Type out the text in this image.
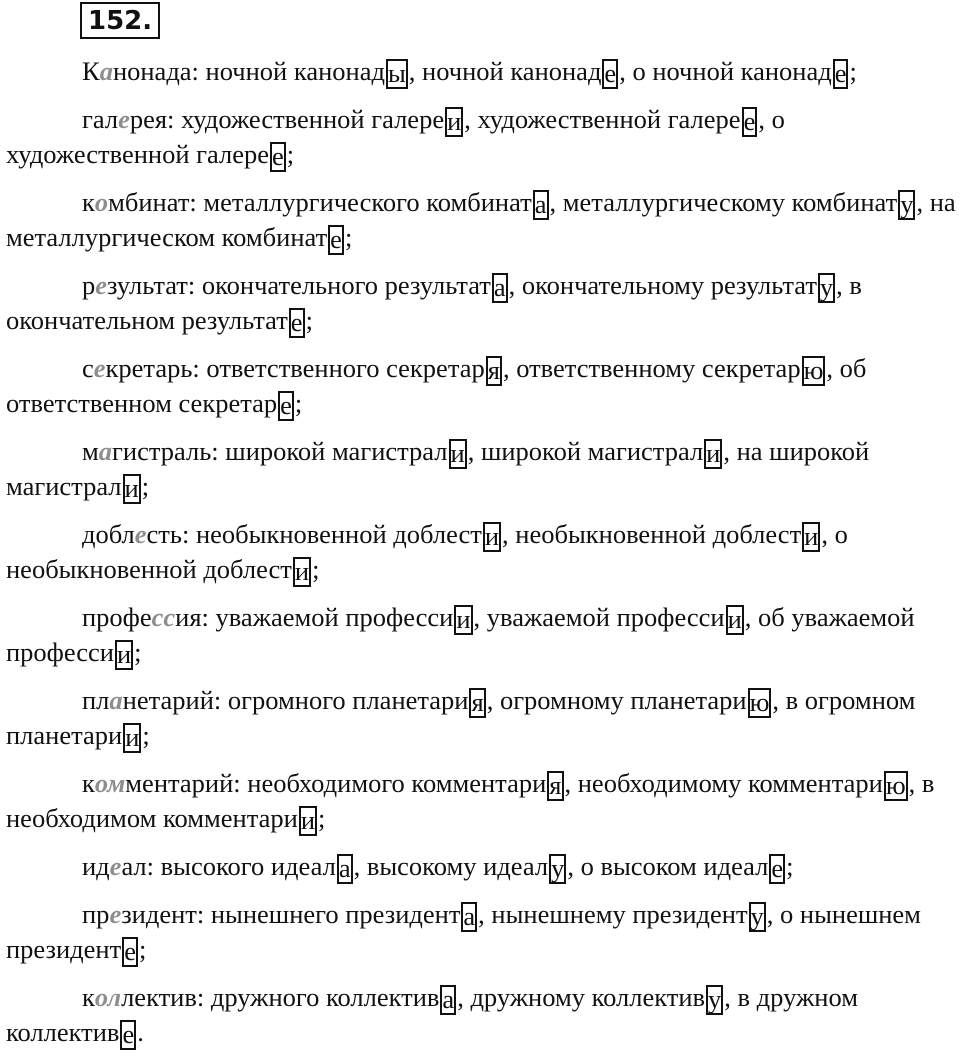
152.
Канонада: ночной канонад ы , ночной канонад е , о ночной канонад е ;
галерея: художественной галере и , художественной галере е , о художественной галере е ;
комбинат: металлургического комбинат а , металлургическому комбинат у , на металлургическом комбинат е ;
результат: окончательного результат а , окончательному результат у , в окончательном результат е ;
секретарь: ответственного секретар я , ответственному секретар ю , об ответственном секретар е ;
магистраль: широкой магистрал и , широкой магистрал и , на широкой магистрал и ;
доблесть: необыкновенной доблест и , необыкновенной доблест и , о необыкновенной доблест и ;
профессия: уважаемой професси и , уважаемой професси и , об уважаемой професси и ;
планетарий: огромного планетари я , огромному планетари ю , в огромном планетари и ;
комментарий: необходимого комментари я , необходимому комментари ю , в необходимом комментари и ;
идеал: высокого идеал а , высокому идеал у , о высоком идеал е ;
президент: нынешнего президент а , нынешнему президент у , о нынешнем президент е ;
коллектив: дружного коллектив а , дружному коллектив у , в дружном коллектив е .
